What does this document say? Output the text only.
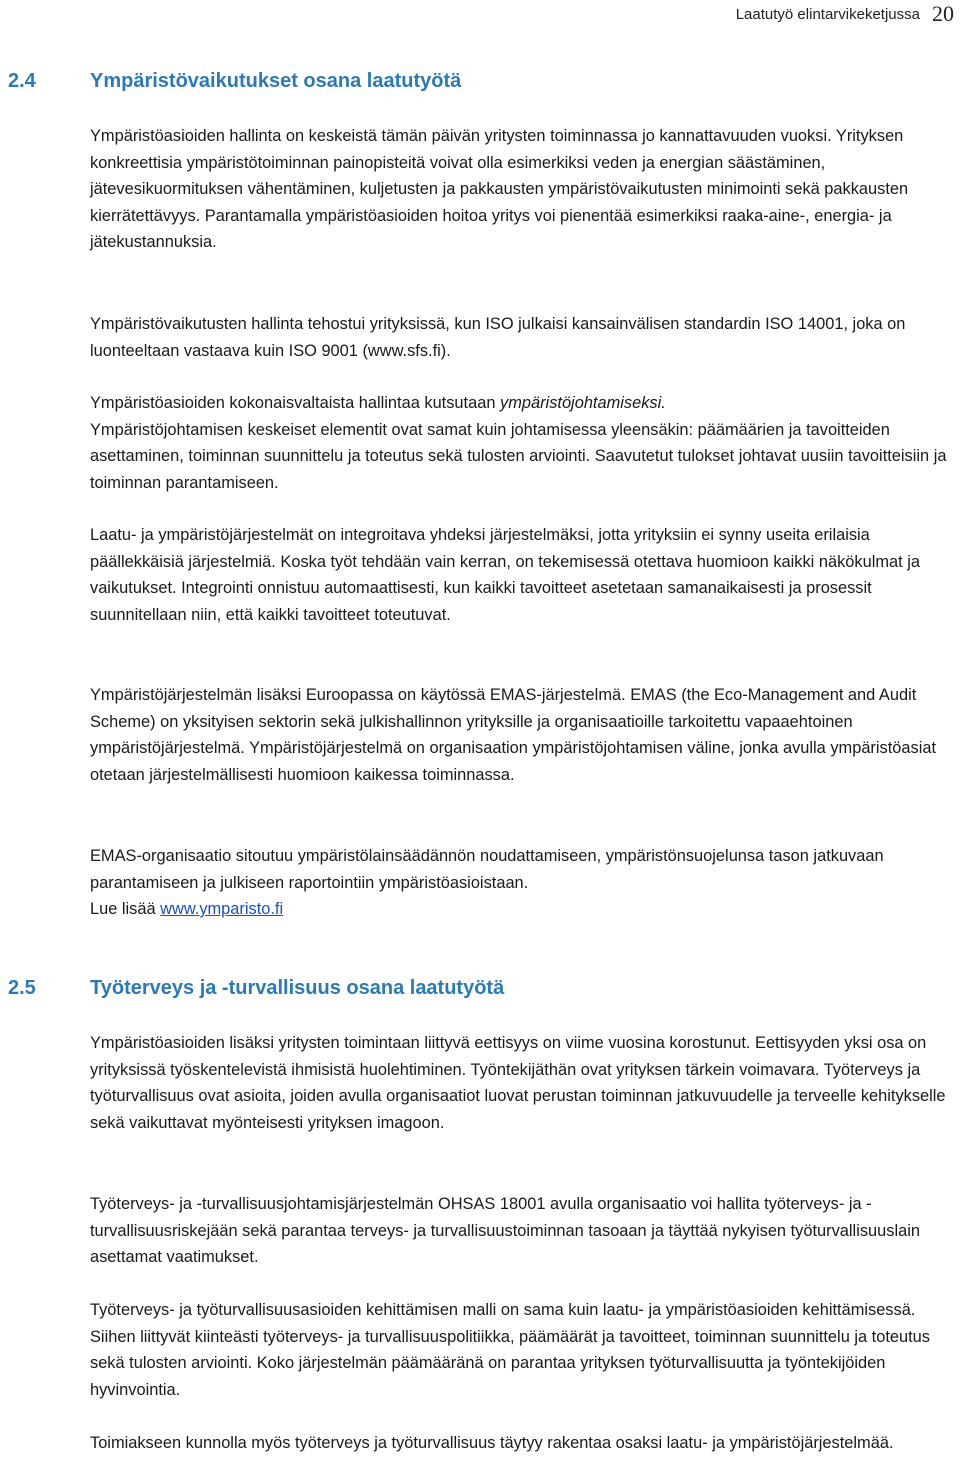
Laatutyö elintarvikeketjussa 20
2.4	Ympäristövaikutukset osana laatutyötä

Ympäristöasioiden hallinta on keskeistä tämän päivän yritysten toiminnassa jo kannattavuuden vuoksi. Yrityksen konkreettisia ympäristötoiminnan painopisteitä voivat olla esimerkiksi veden ja energian säästäminen, jätevesikuormituksen vähentäminen, kuljetusten ja pakkausten ympäristövaikutusten minimointi sekä pakkausten kierrätettävyys. Parantamalla ympäristöasioiden hoitoa yritys voi pienentää esimerkiksi raaka-aine-, energia- ja jätekustannuksia.

Ympäristövaikutusten hallinta tehostui yrityksissä, kun ISO julkaisi kansainvälisen standardin ISO 14001, joka on luonteeltaan vastaava kuin ISO 9001 (www.sfs.fi).

Ympäristöasioiden kokonaisvaltaista hallintaa kutsutaan ympäristöjohtamiseksi.

Ympäristöjohtamisen keskeiset elementit ovat samat kuin johtamisessa yleensäkin: päämäärien ja tavoitteiden asettaminen, toiminnan suunnittelu ja toteutus sekä tulosten arviointi. Saavutetut tulokset johtavat uusiin tavoitteisiin ja toiminnan parantamiseen.

Laatu- ja ympäristöjärjestelmät on integroitava yhdeksi järjestelmäksi, jotta yrityksiin ei synny useita erilaisia päällekkäisiä järjestelmiä. Koska työt tehdään vain kerran, on tekemisessä otettava huomioon kaikki näkökulmat ja vaikutukset. Integrointi onnistuu automaattisesti, kun kaikki tavoitteet asetetaan samanaikaisesti ja prosessit suunnitellaan niin, että kaikki tavoitteet toteutuvat.

Ympäristöjärjestelmän lisäksi Euroopassa on käytössä EMAS-järjestelmä. EMAS (the Eco-Management and Audit Scheme) on yksityisen sektorin sekä julkishallinnon yrityksille ja organisaatioille tarkoitettu vapaaehtoinen ympäristöjärjestelmä. Ympäristöjärjestelmä on organisaation ympäristöjohtamisen väline, jonka avulla ympäristöasiat otetaan järjestelmällisesti huomioon kaikessa toiminnassa.

EMAS-organisaatio sitoutuu ympäristölainsäädännön noudattamiseen, ympäristönsuojelunsa tason jatkuvaan parantamiseen ja julkiseen raportointiin ympäristöasioistaan.

Lue lisää www.ymparisto.fi

2.5	Työterveys ja -turvallisuus osana laatutyötä

Ympäristöasioiden lisäksi yritysten toimintaan liittyvä eettisyys on viime vuosina korostunut. Eettisyyden yksi osa on yrityksissä työskentelevistä ihmisistä huolehtiminen. Työntekijäthän ovat yrityksen tärkein voimavara. Työterveys ja työturvallisuus ovat asioita, joiden avulla organisaatiot luovat perustan toiminnan jatkuvuudelle ja terveelle kehitykselle sekä vaikuttavat myönteisesti yrityksen imagoon.

Työterveys- ja -turvallisuusjohtamisjärjestelmän OHSAS 18001 avulla organisaatio voi hallita työterveys- ja -turvallisuusriskejään sekä parantaa terveys- ja turvallisuustoiminnan tasoaan ja täyttää nykyisen työturvallisuuslain asettamat vaatimukset.

Työterveys- ja työturvallisuusasioiden kehittämisen malli on sama kuin laatu- ja ympäristöasioiden kehittämisessä. Siihen liittyvät kiinteästi työterveys- ja turvallisuuspolitiikka, päämäärät ja tavoitteet, toiminnan suunnittelu ja toteutus sekä tulosten arviointi. Koko järjestelmän päämääränä on parantaa yrityksen työturvallisuutta ja työntekijöiden hyvinvointia.

Toimiakseen kunnolla myös työterveys ja työturvallisuus täytyy rakentaa osaksi laatu- ja ympäristöjärjestelmää.
